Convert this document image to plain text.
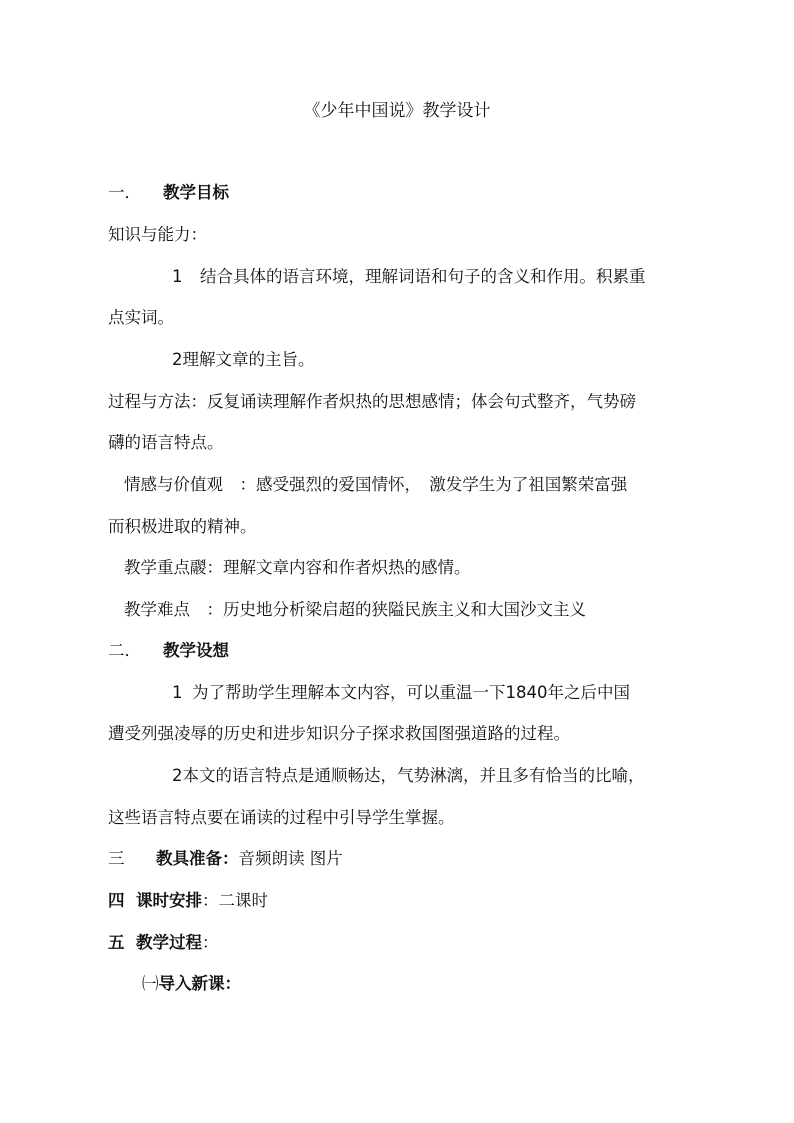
《少年中国说》教学设计
一． 教学目标
知识与能力：
1 结合具体的语言环境，理解词语和句子的含义和作用。积累重
点实词。
2理解文章的主旨。
过程与方法：反复诵读理解作者炽热的思想感情；体会句式整齐，气势磅
礴的语言特点。
情感与价值观　 ：感受强烈的爱国情怀，　激发学生为了祖国繁荣富强
而积极进取的精神。
教学重点鬷：理解文章内容和作者炽热的感情。
教学难点　 ：历史地分析梁启超的狭隘民族主义和大国沙文主义
二． 教学设想
1 为了帮助学生理解本文内容，可以重温一下1840年之后中国
遭受列强凌辱的历史和进步知识分子探求救国图强道路的过程。
2本文的语言特点是通顺畅达，气势淋漓，并且多有恰当的比喻，
这些语言特点要在诵读的过程中引导学生掌握。
三 教具准备：音频朗读 图片
四 课时安排：二课时
五 教学过程：
㈠导入新课：
